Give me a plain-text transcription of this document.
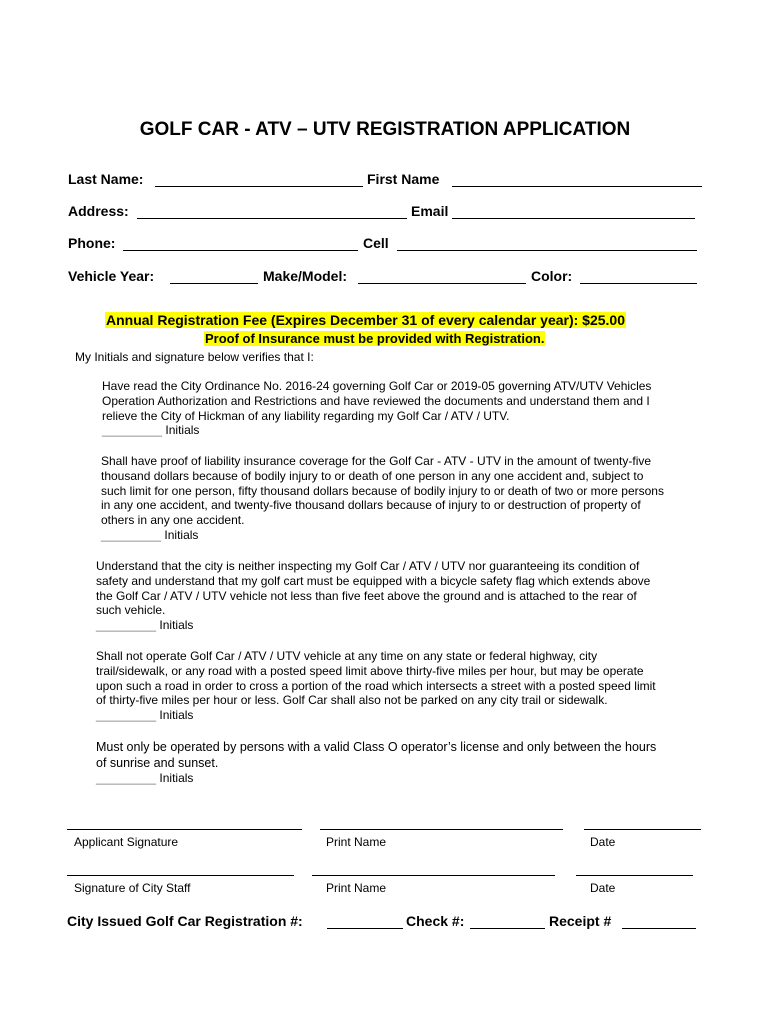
GOLF CAR - ATV – UTV REGISTRATION APPLICATION
Last Name:	First Name
Address:	Email
Phone:	Cell
Vehicle Year:	Make/Model:	Color:
Annual Registration Fee (Expires December 31 of every calendar year): $25.00
Proof of Insurance must be provided with Registration.
My Initials and signature below verifies that I:

Have read the City Ordinance No. 2016-24 governing Golf Car or 2019-05 governing ATV/UTV Vehicles

Operation Authorization and Restrictions and have reviewed the documents and understand them and I

relieve the City of Hickman of any liability regarding my Golf Car / ATV / UTV.

_________ Initials

Shall have proof of liability insurance coverage for the Golf Car - ATV - UTV in the amount of twenty-five

thousand dollars because of bodily injury to or death of one person in any one accident and, subject to

such limit for one person, fifty thousand dollars because of bodily injury to or death of two or more persons

in any one accident, and twenty-five thousand dollars because of injury to or destruction of property of

others in any one accident.

_________ Initials

Understand that the city is neither inspecting my Golf Car / ATV / UTV nor guaranteeing its condition of

safety and understand that my golf cart must be equipped with a bicycle safety flag which extends above

the Golf Car / ATV / UTV vehicle not less than five feet above the ground and is attached to the rear of

such vehicle.

_________ Initials

Shall not operate Golf Car / ATV / UTV vehicle at any time on any state or federal highway, city

trail/sidewalk, or any road with a posted speed limit above thirty-five miles per hour, but may be operate

upon such a road in order to cross a portion of the road which intersects a street with a posted speed limit

of thirty-five miles per hour or less. Golf Car shall also not be parked on any city trail or sidewalk.

_________ Initials

Must only be operated by persons with a valid Class O operator’s license and only between the hours

of sunrise and sunset.

_________ Initials

Applicant Signature	Print Name	Date
Signature of City Staff	Print Name	Date
City Issued Golf Car Registration #:	Check #:	Receipt #
